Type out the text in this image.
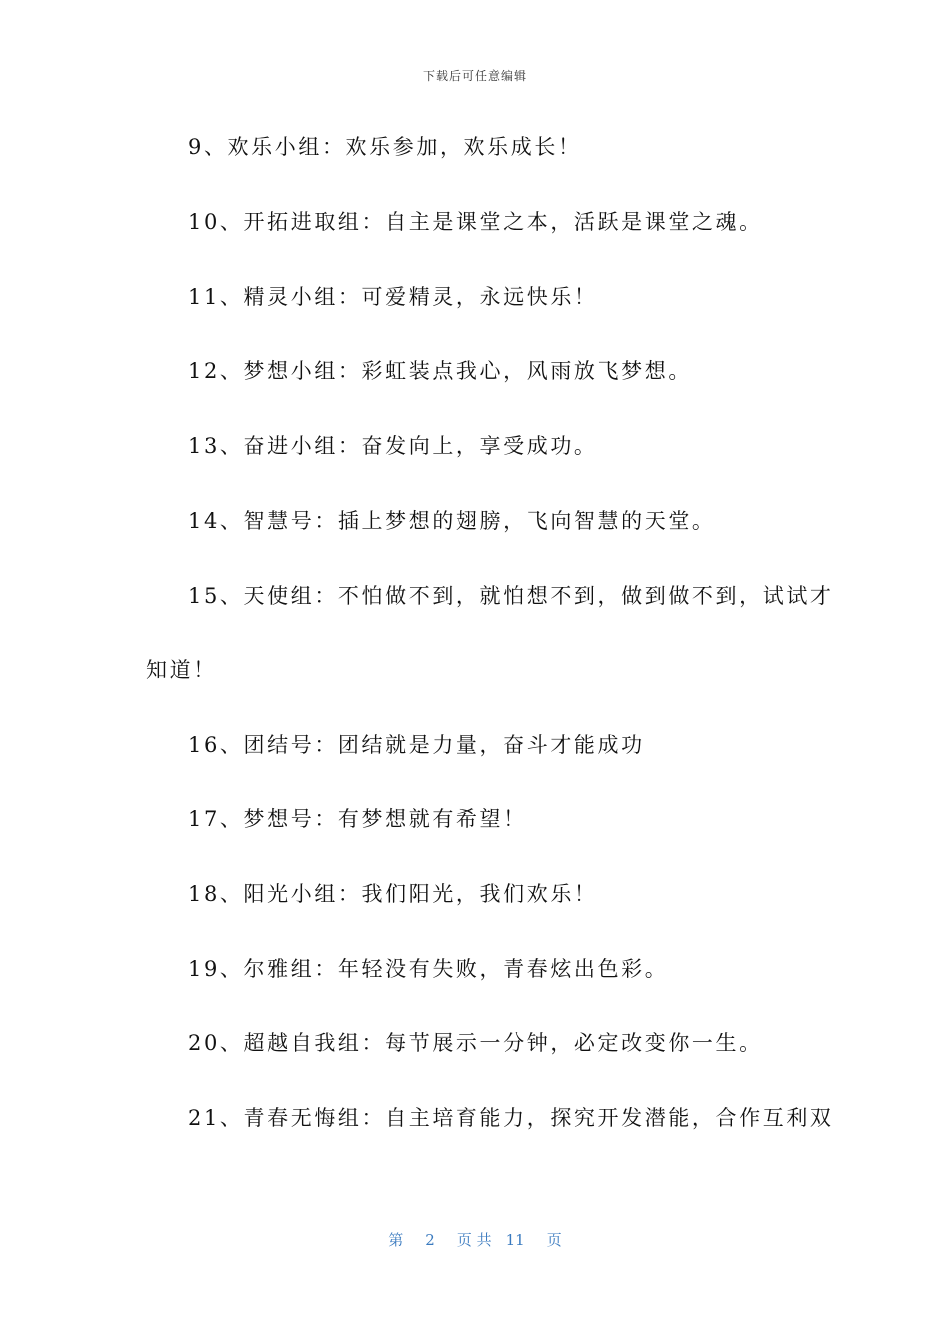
下载后可任意编辑
9、欢乐小组：欢乐参加，欢乐成长！
10、开拓进取组：自主是课堂之本，活跃是课堂之魂。
11、精灵小组：可爱精灵，永远快乐！
12、梦想小组：彩虹装点我心，风雨放飞梦想。
13、奋进小组：奋发向上，享受成功。
14、智慧号：插上梦想的翅膀，飞向智慧的天堂。
15、天使组：不怕做不到，就怕想不到，做到做不到，试试才
知道！
16、团结号：团结就是力量，奋斗才能成功
17、梦想号：有梦想就有希望！
18、阳光小组：我们阳光，我们欢乐！
19、尔雅组：年轻没有失败，青春炫出色彩。
20、超越自我组：每节展示一分钟，必定改变你一生。
21、青春无悔组：自主培育能力，探究开发潜能，合作互利双
第 2 页 共 11 页
